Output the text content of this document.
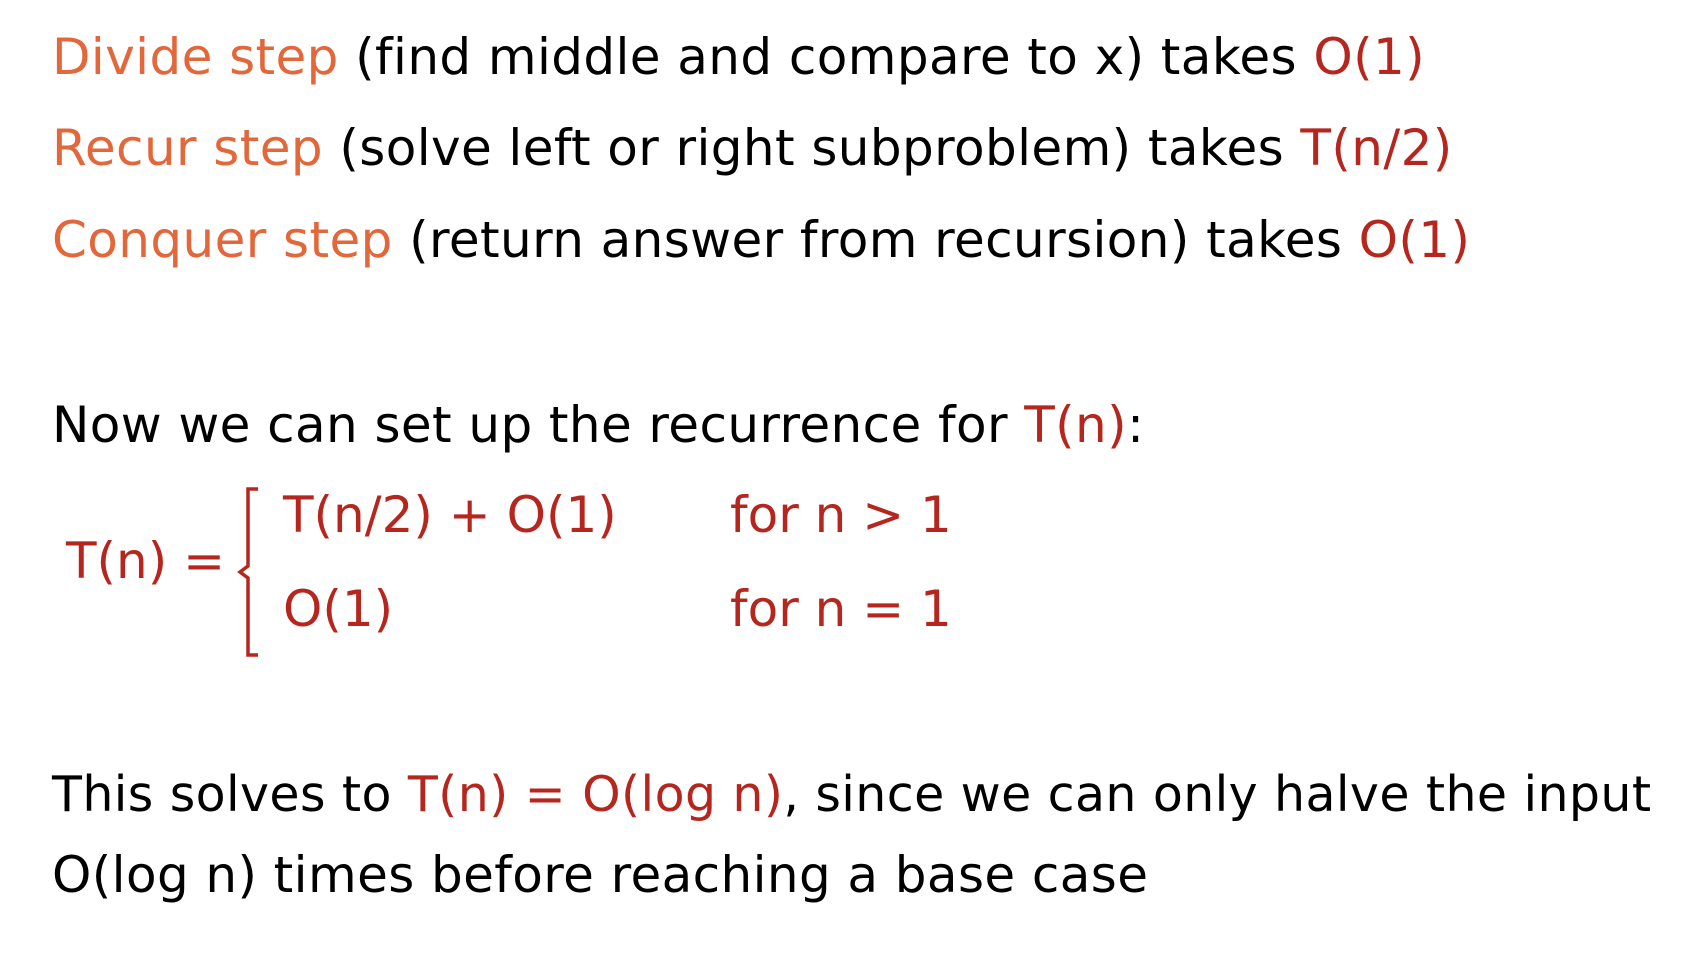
Divide step (find middle and compare to x) takes O(1)
Recur step (solve left or right subproblem) takes T(n/2)
Conquer step (return answer from recursion) takes O(1)
Now we can set up the recurrence for T(n):
T(n) =
T(n/2) + O(1) for n > 1
O(1)	for n = 1
This solves to T(n) = O(log n), since we can only halve the input
O(log n) times before reaching a base case
